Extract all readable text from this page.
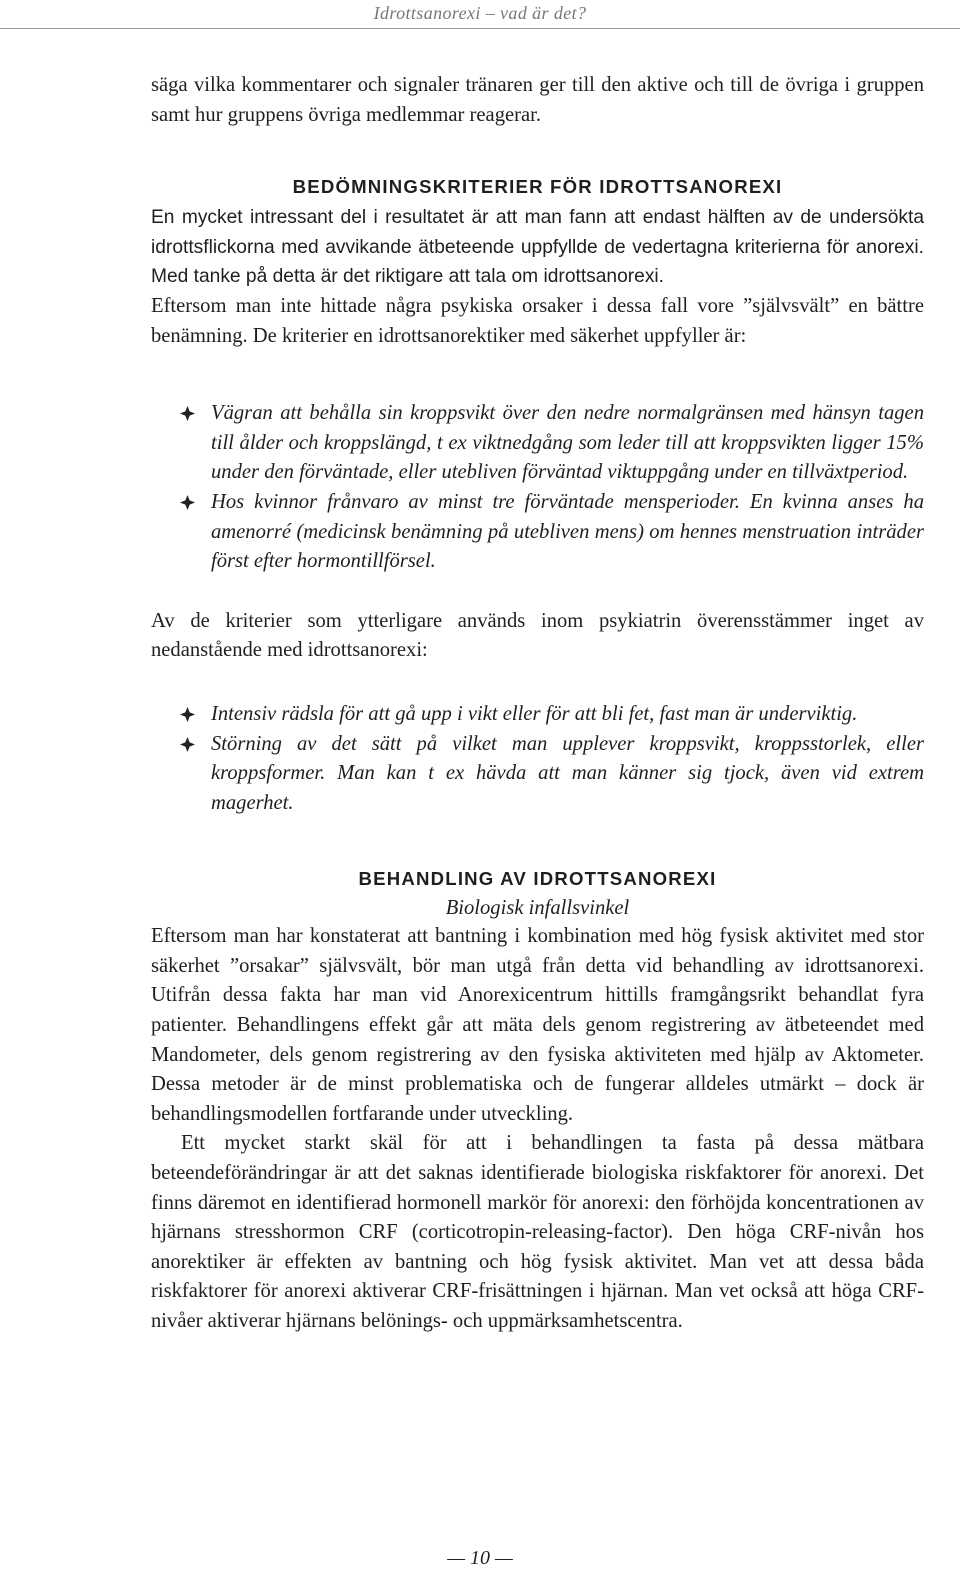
Idrottsanorexi – vad är det?

säga vilka kommentarer och signaler tränaren ger till den aktive och till de övriga i gruppen samt hur gruppens övriga medlemmar reagerar.

BEDÖMNINGSKRITERIER FÖR IDROTTSANOREXI

En mycket intressant del i resultatet är att man fann att endast hälften av de undersökta idrottsflickorna med avvikande ätbeteende uppfyllde de vedertagna kriterierna för anorexi. Med tanke på detta är det riktigare att tala om idrottsanorexi.

Eftersom man inte hittade några psykiska orsaker i dessa fall vore ”självsvält” en bättre benämning. De kriterier en idrottsanorektiker med säkerhet uppfyller är:

Vägran att behålla sin kroppsvikt över den nedre normalgränsen med hänsyn tagen till ålder och kroppslängd, t ex viktnedgång som leder till att kroppsvikten ligger 15% under den förväntade, eller utebliven förväntad viktuppgång under en tillväxtperiod.
Hos kvinnor frånvaro av minst tre förväntade mensperioder. En kvinna anses ha amenorré (medicinsk benämning på utebliven mens) om hennes menstruation inträder först efter hormontillförsel.

Av de kriterier som ytterligare används inom psykiatrin överensstämmer inget av nedanstående med idrottsanorexi:

Intensiv rädsla för att gå upp i vikt eller för att bli fet, fast man är underviktig.
Störning av det sätt på vilket man upplever kroppsvikt, kroppsstorlek, eller kroppsformer. Man kan t ex hävda att man känner sig tjock, även vid extrem magerhet.
BEHANDLING AV IDROTTSANOREXI

Biologisk infallsvinkel

Eftersom man har konstaterat att bantning i kombination med hög fysisk aktivitet med stor säkerhet ”orsakar” självsvält, bör man utgå från detta vid behandling av idrottsanorexi. Utifrån dessa fakta har man vid Anorexicentrum hittills framgångsrikt behandlat fyra patienter. Behandlingens effekt går att mäta dels genom registrering av ätbeteendet med Mandometer, dels genom registrering av den fysiska aktiviteten med hjälp av Aktometer. Dessa metoder är de minst problematiska och de fungerar alldeles utmärkt – dock är behandlingsmodellen fortfarande under utveckling.

Ett mycket starkt skäl för att i behandlingen ta fasta på dessa mätbara beteendeförändringar är att det saknas identifierade biologiska riskfaktorer för anorexi. Det finns däremot en identifierad hormonell markör för anorexi: den förhöjda koncentrationen av hjärnans stresshormon CRF (corticotropin-releasing-factor). Den höga CRF-nivån hos anorektiker är effekten av bantning och hög fysisk aktivitet. Man vet att dessa båda riskfaktorer för anorexi aktiverar CRF-frisättningen i hjärnan. Man vet också att höga CRF-nivåer aktiverar hjärnans belönings- och uppmärksamhetscentra.

— 10 —
